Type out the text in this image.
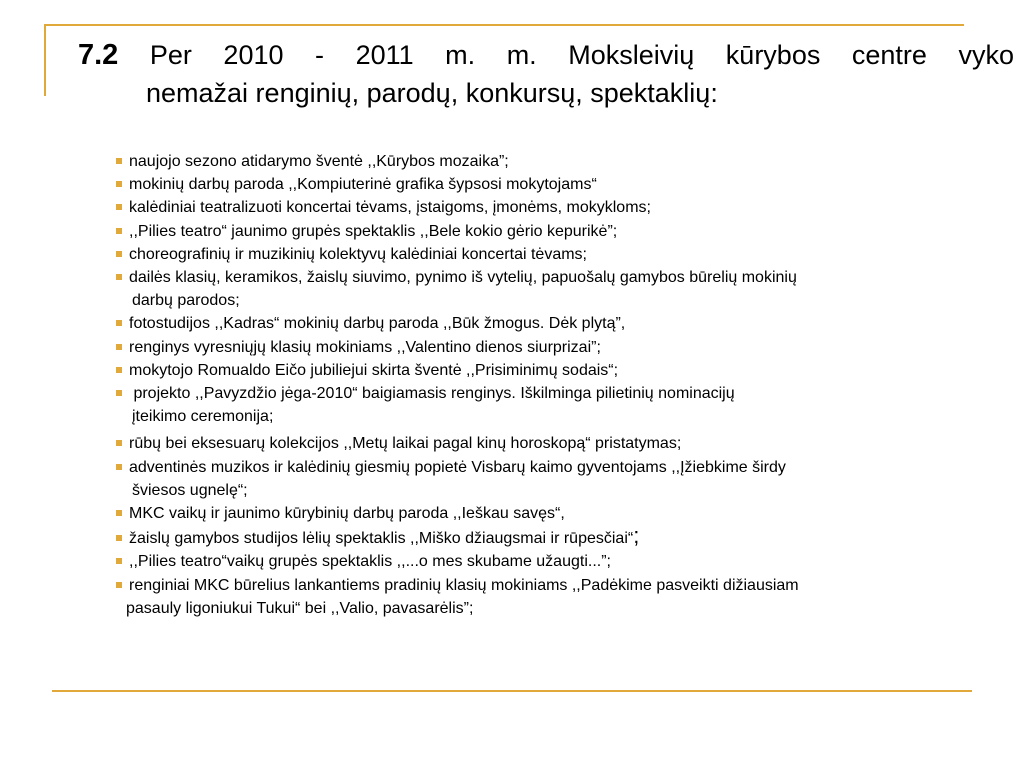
7.2 Per 2010 - 2011 m. m. Moksleivių kūrybos centre vyko
nemažai renginių, parodų, konkursų, spektaklių:
naujojo sezono atidarymo šventė ,,Kūrybos mozaika”;
mokinių darbų paroda ,,Kompiuterinė grafika šypsosi mokytojams“
kalėdiniai teatralizuoti koncertai tėvams, įstaigoms, įmonėms, mokykloms;
,,Pilies teatro“ jaunimo grupės spektaklis ,,Bele kokio gėrio kepurikė”;
choreografinių ir muzikinių kolektyvų kalėdiniai koncertai tėvams;
dailės klasių, keramikos, žaislų siuvimo, pynimo iš vytelių, papuošalų gamybos būrelių mokinių
darbų parodos;
fotostudijos ,,Kadras“ mokinių darbų paroda ,,Būk žmogus. Dėk plytą”,
renginys vyresniųjų klasių mokiniams ,,Valentino dienos siurprizai”;
mokytojo Romualdo Eičo jubiliejui skirta šventė ,,Prisiminimų sodais“;
projekto ,,Pavyzdžio jėga-2010“ baigiamasis renginys. Iškilminga pilietinių nominacijų
įteikimo ceremonija;
rūbų bei eksesuarų kolekcijos ,,Metų laikai pagal kinų horoskopą“ pristatymas;
adventinės muzikos ir kalėdinių giesmių popietė Visbarų kaimo gyventojams ,,Įžiebkime širdy
šviesos ugnelę“;
MKC vaikų ir jaunimo kūrybinių darbų paroda ,,Ieškau savęs“,
žaislų gamybos studijos lėlių spektaklis ,,Miško džiaugsmai ir rūpesčiai“;
,,Pilies teatro“vaikų grupės spektaklis ,,...o mes skubame užaugti...”;
renginiai MKC būrelius lankantiems pradinių klasių mokiniams ,,Padėkime pasveikti dižiausiam
pasauly ligoniukui Tukui“ bei ,,Valio, pavasarėlis”;
